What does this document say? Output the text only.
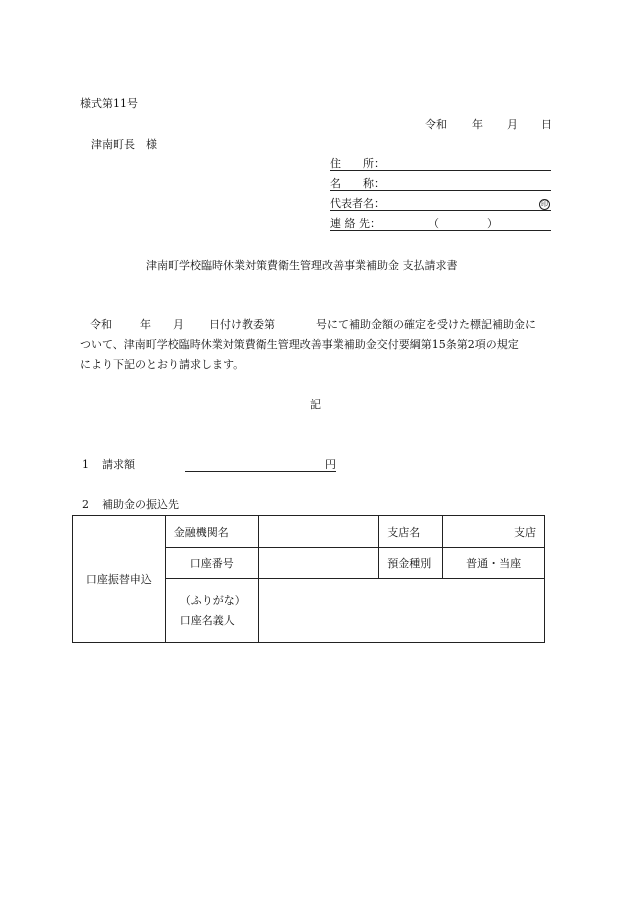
様式第11号
令和 年 月 日
津南町長　様
住　　所：
名　　称：
代表者名：	印
連 絡 先：	（	）
津南町学校臨時休業対策費衛生管理改善事業補助金 支払請求書
令和	年 月 日付け教委第	号にて補助金額の確定を受けた標記補助金に
ついて、津南町学校臨時休業対策費衛生管理改善事業補助金交付要綱第15条第2項の規定
により下記のとおり請求します。
記
1 請求額	円
2 補助金の振込先
口座振替申込	金融機関名		支店名	支店
	口座番号		預金種別	普通・当座

	（ふりがな）
口座名義人			
